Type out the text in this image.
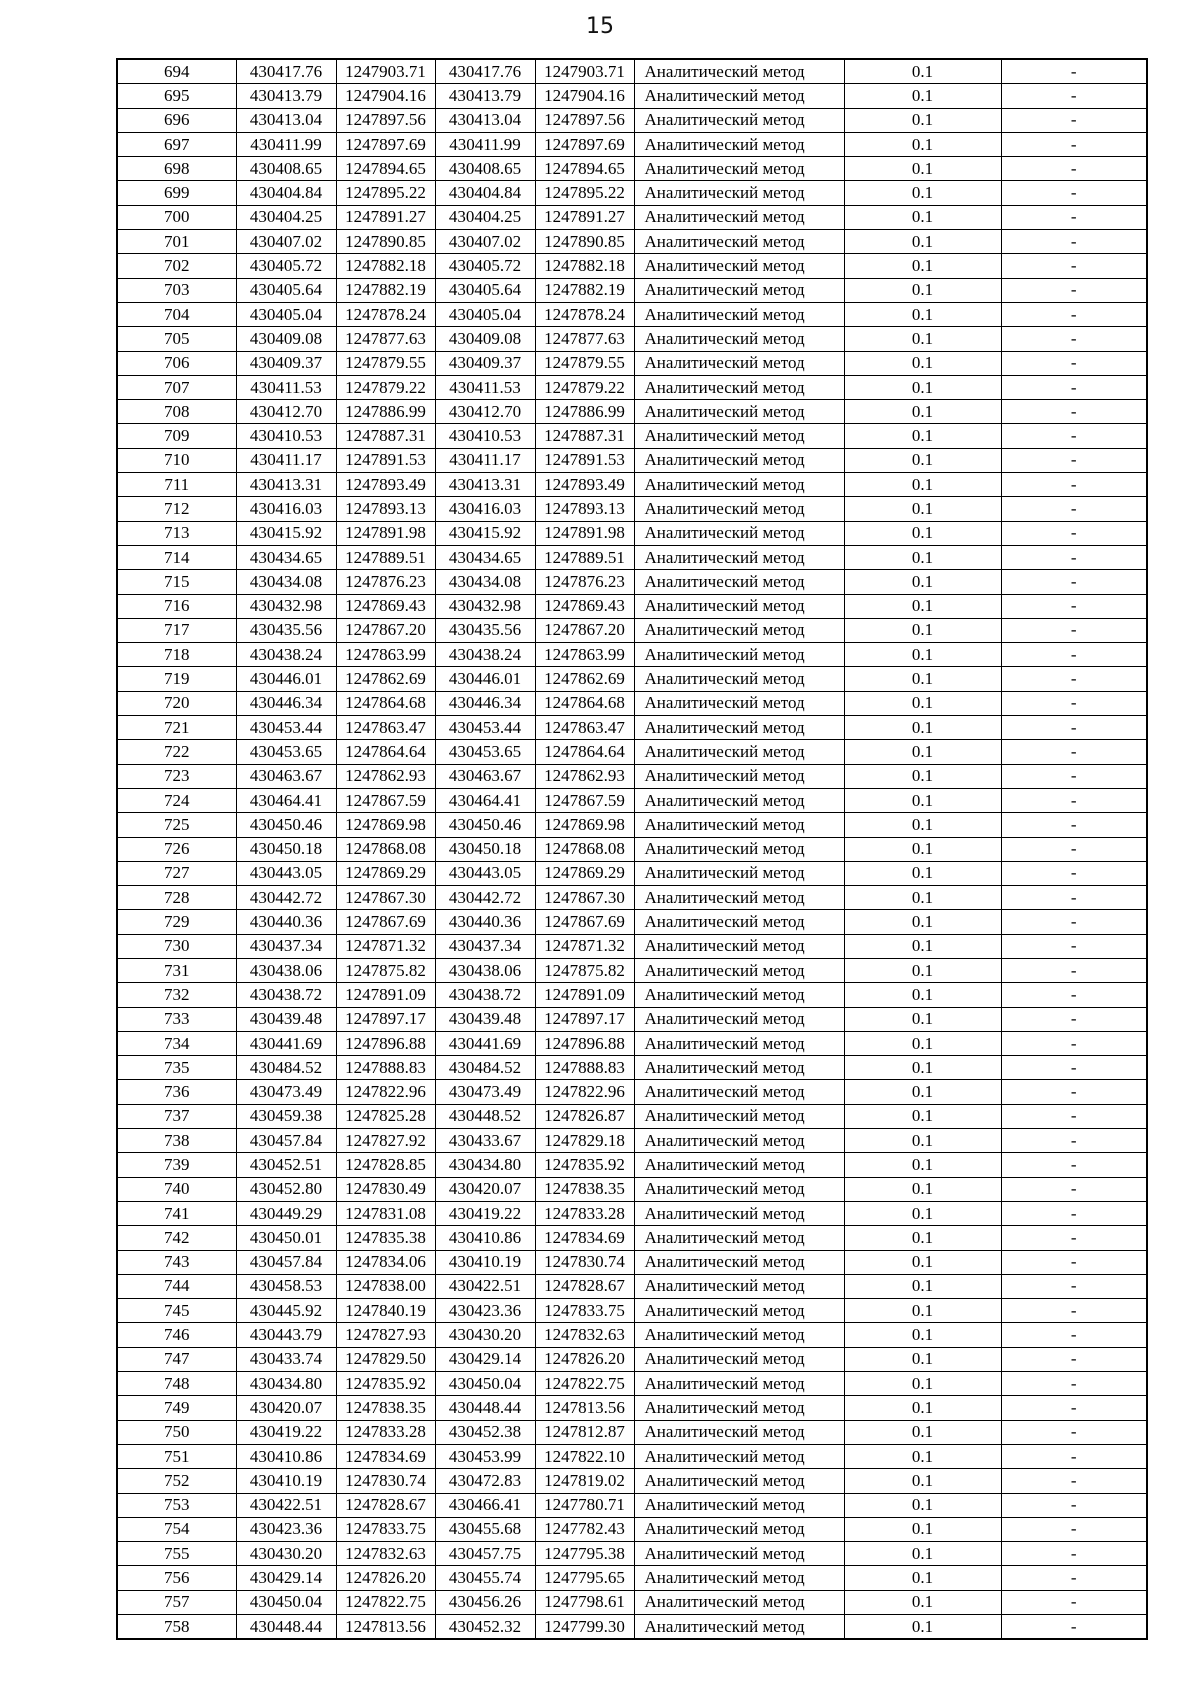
15
694	430417.76	1247903.71	430417.76	1247903.71	Аналитический метод	0.1	-
695	430413.79	1247904.16	430413.79	1247904.16	Аналитический метод	0.1	-
696	430413.04	1247897.56	430413.04	1247897.56	Аналитический метод	0.1	-
697	430411.99	1247897.69	430411.99	1247897.69	Аналитический метод	0.1	-
698	430408.65	1247894.65	430408.65	1247894.65	Аналитический метод	0.1	-
699	430404.84	1247895.22	430404.84	1247895.22	Аналитический метод	0.1	-
700	430404.25	1247891.27	430404.25	1247891.27	Аналитический метод	0.1	-
701	430407.02	1247890.85	430407.02	1247890.85	Аналитический метод	0.1	-
702	430405.72	1247882.18	430405.72	1247882.18	Аналитический метод	0.1	-
703	430405.64	1247882.19	430405.64	1247882.19	Аналитический метод	0.1	-
704	430405.04	1247878.24	430405.04	1247878.24	Аналитический метод	0.1	-
705	430409.08	1247877.63	430409.08	1247877.63	Аналитический метод	0.1	-
706	430409.37	1247879.55	430409.37	1247879.55	Аналитический метод	0.1	-
707	430411.53	1247879.22	430411.53	1247879.22	Аналитический метод	0.1	-
708	430412.70	1247886.99	430412.70	1247886.99	Аналитический метод	0.1	-
709	430410.53	1247887.31	430410.53	1247887.31	Аналитический метод	0.1	-
710	430411.17	1247891.53	430411.17	1247891.53	Аналитический метод	0.1	-
711	430413.31	1247893.49	430413.31	1247893.49	Аналитический метод	0.1	-
712	430416.03	1247893.13	430416.03	1247893.13	Аналитический метод	0.1	-
713	430415.92	1247891.98	430415.92	1247891.98	Аналитический метод	0.1	-
714	430434.65	1247889.51	430434.65	1247889.51	Аналитический метод	0.1	-
715	430434.08	1247876.23	430434.08	1247876.23	Аналитический метод	0.1	-
716	430432.98	1247869.43	430432.98	1247869.43	Аналитический метод	0.1	-
717	430435.56	1247867.20	430435.56	1247867.20	Аналитический метод	0.1	-
718	430438.24	1247863.99	430438.24	1247863.99	Аналитический метод	0.1	-
719	430446.01	1247862.69	430446.01	1247862.69	Аналитический метод	0.1	-
720	430446.34	1247864.68	430446.34	1247864.68	Аналитический метод	0.1	-
721	430453.44	1247863.47	430453.44	1247863.47	Аналитический метод	0.1	-
722	430453.65	1247864.64	430453.65	1247864.64	Аналитический метод	0.1	-
723	430463.67	1247862.93	430463.67	1247862.93	Аналитический метод	0.1	-
724	430464.41	1247867.59	430464.41	1247867.59	Аналитический метод	0.1	-
725	430450.46	1247869.98	430450.46	1247869.98	Аналитический метод	0.1	-
726	430450.18	1247868.08	430450.18	1247868.08	Аналитический метод	0.1	-
727	430443.05	1247869.29	430443.05	1247869.29	Аналитический метод	0.1	-
728	430442.72	1247867.30	430442.72	1247867.30	Аналитический метод	0.1	-
729	430440.36	1247867.69	430440.36	1247867.69	Аналитический метод	0.1	-
730	430437.34	1247871.32	430437.34	1247871.32	Аналитический метод	0.1	-
731	430438.06	1247875.82	430438.06	1247875.82	Аналитический метод	0.1	-
732	430438.72	1247891.09	430438.72	1247891.09	Аналитический метод	0.1	-
733	430439.48	1247897.17	430439.48	1247897.17	Аналитический метод	0.1	-
734	430441.69	1247896.88	430441.69	1247896.88	Аналитический метод	0.1	-
735	430484.52	1247888.83	430484.52	1247888.83	Аналитический метод	0.1	-
736	430473.49	1247822.96	430473.49	1247822.96	Аналитический метод	0.1	-
737	430459.38	1247825.28	430448.52	1247826.87	Аналитический метод	0.1	-
738	430457.84	1247827.92	430433.67	1247829.18	Аналитический метод	0.1	-
739	430452.51	1247828.85	430434.80	1247835.92	Аналитический метод	0.1	-
740	430452.80	1247830.49	430420.07	1247838.35	Аналитический метод	0.1	-
741	430449.29	1247831.08	430419.22	1247833.28	Аналитический метод	0.1	-
742	430450.01	1247835.38	430410.86	1247834.69	Аналитический метод	0.1	-
743	430457.84	1247834.06	430410.19	1247830.74	Аналитический метод	0.1	-
744	430458.53	1247838.00	430422.51	1247828.67	Аналитический метод	0.1	-
745	430445.92	1247840.19	430423.36	1247833.75	Аналитический метод	0.1	-
746	430443.79	1247827.93	430430.20	1247832.63	Аналитический метод	0.1	-
747	430433.74	1247829.50	430429.14	1247826.20	Аналитический метод	0.1	-
748	430434.80	1247835.92	430450.04	1247822.75	Аналитический метод	0.1	-
749	430420.07	1247838.35	430448.44	1247813.56	Аналитический метод	0.1	-
750	430419.22	1247833.28	430452.38	1247812.87	Аналитический метод	0.1	-
751	430410.86	1247834.69	430453.99	1247822.10	Аналитический метод	0.1	-
752	430410.19	1247830.74	430472.83	1247819.02	Аналитический метод	0.1	-
753	430422.51	1247828.67	430466.41	1247780.71	Аналитический метод	0.1	-
754	430423.36	1247833.75	430455.68	1247782.43	Аналитический метод	0.1	-
755	430430.20	1247832.63	430457.75	1247795.38	Аналитический метод	0.1	-
756	430429.14	1247826.20	430455.74	1247795.65	Аналитический метод	0.1	-
757	430450.04	1247822.75	430456.26	1247798.61	Аналитический метод	0.1	-
758	430448.44	1247813.56	430452.32	1247799.30	Аналитический метод	0.1	-
